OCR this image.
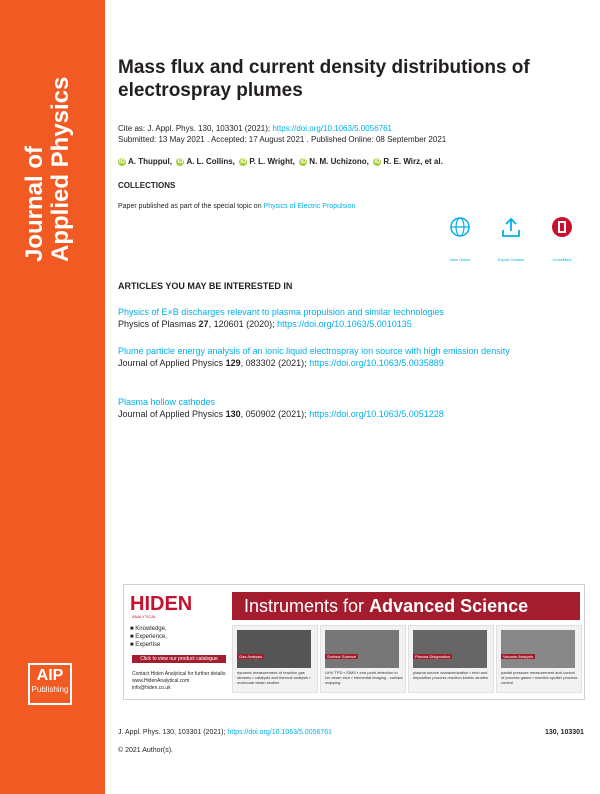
Journal of Applied Physics
AIP
Publishing
Mass flux and current density distributions of electrospray plumes
Cite as: J. Appl. Phys. 130, 103301 (2021); https://doi.org/10.1063/5.0056761
Submitted: 13 May 2021 . Accepted: 17 August 2021 . Published Online: 08 September 2021
iD A. Thuppul, iD A. L. Collins, iD P. L. Wright, iD N. M. Uchizono, iD R. E. Wirz, et al.
COLLECTIONS
Paper published as part of the special topic on Physics of Electric Propulsion
View Online	Export Citation	CrossMark
ARTICLES YOU MAY BE INTERESTED IN
Physics of E×B discharges relevant to plasma propulsion and similar technologies
Physics of Plasmas 27, 120601 (2020); https://doi.org/10.1063/5.0010135
Plume particle energy analysis of an ionic liquid electrospray ion source with high emission density
Journal of Applied Physics 129, 083302 (2021); https://doi.org/10.1063/5.0035889
Plasma hollow cathodes
Journal of Applied Physics 130, 050902 (2021); https://doi.org/10.1063/5.0051228
HIDEN
ANALYTICAL
Instruments for Advanced Science
■ Knowledge,
■ Experience,
■ Expertise
Click to view our product catalogue
Contact Hiden Analytical for further details:
www.HidenAnalytical.com
info@hiden.co.uk
Gas Analysis
dynamic measurement of reaction gas streams ▪ catalysis and thermal analysis ▪ molecular beam studies
Surface Science
UHV TPD ▪ SIMS ▪ end point detection in ion beam etch ▪ elemental imaging - surface mapping
Plasma Diagnostics
plasma source characterization ▪ etch and deposition process reaction kinetic studies
Vacuum Analysis
partial pressure measurement and control of process gases ▪ reactive sputter process control
J. Appl. Phys. 130, 103301 (2021); https://doi.org/10.1063/5.0056761	130, 103301
© 2021 Author(s).
